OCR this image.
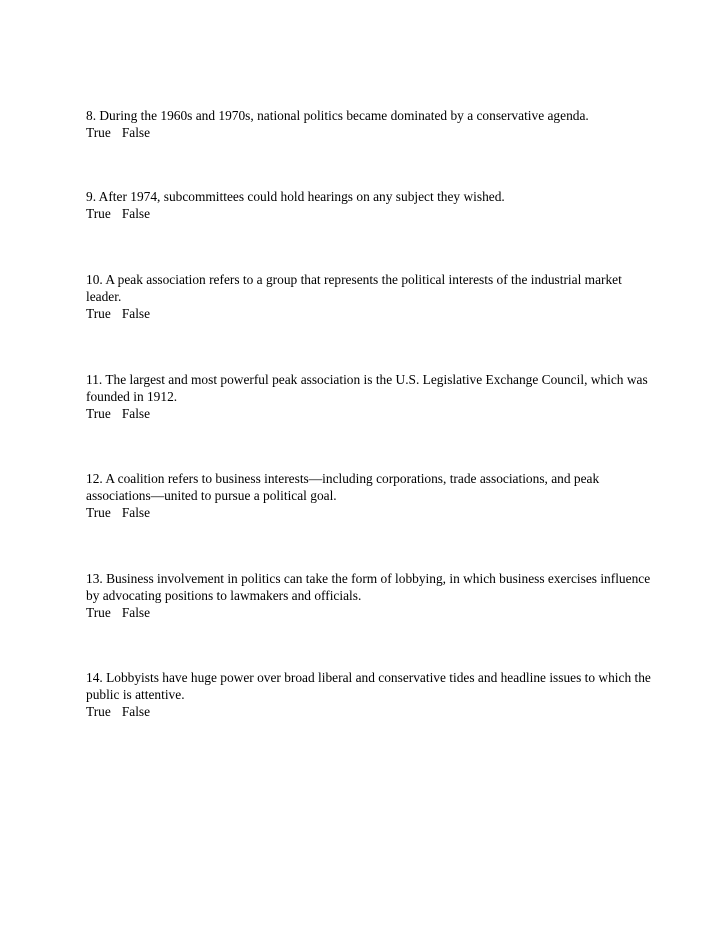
8. During the 1960s and 1970s, national politics became dominated by a conservative agenda.

True False

9. After 1974, subcommittees could hold hearings on any subject they wished.

True False

10. A peak association refers to a group that represents the political interests of the industrial market leader.

True False

11. The largest and most powerful peak association is the U.S. Legislative Exchange Council, which was founded in 1912.

True False

12. A coalition refers to business interests—including corporations, trade associations, and peak associations—united to pursue a political goal.

True False

13. Business involvement in politics can take the form of lobbying, in which business exercises influence by advocating positions to lawmakers and officials.

True False

14. Lobbyists have huge power over broad liberal and conservative tides and headline issues to which the public is attentive.

True False
